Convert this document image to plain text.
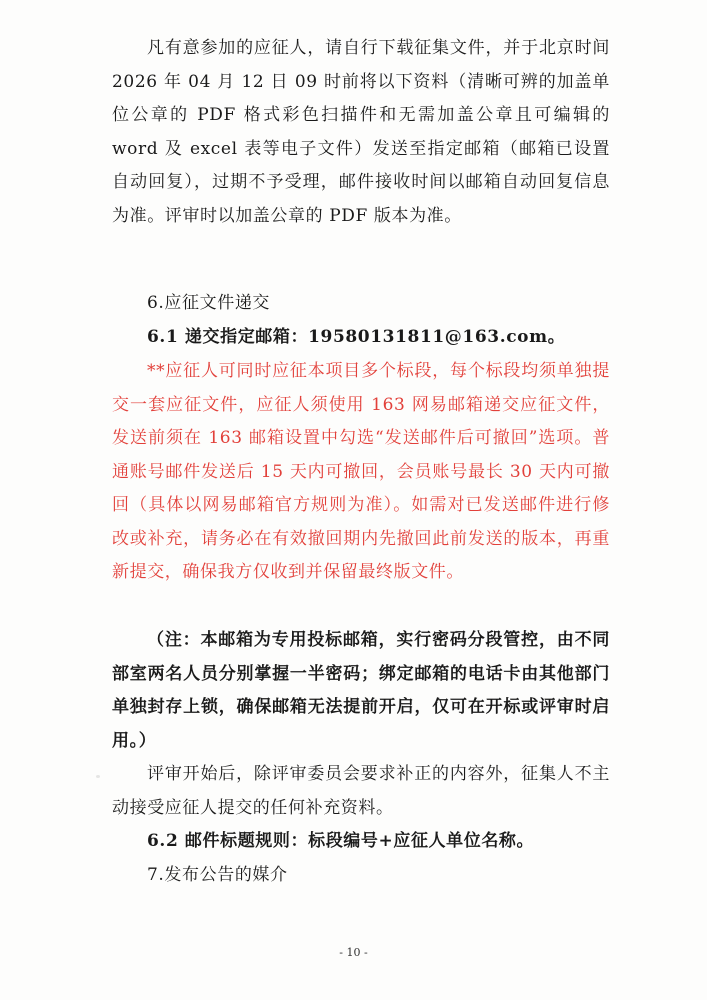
凡有意参加的应征人，请自行下载征集文件，并于北京时间 2026 年 04 月 12 日 09 时前将以下资料（清晰可辨的加盖单位公章的 PDF 格式彩色扫描件和无需加盖公章且可编辑的 word 及 excel 表等电子文件）发送至指定邮箱（邮箱已设置自动回复），过期不予受理，邮件接收时间以邮箱自动回复信息为准。评审时以加盖公章的 PDF 版本为准。
6.应征文件递交
6.1 递交指定邮箱：19580131811@163.com。
**应征人可同时应征本项目多个标段，每个标段均须单独提交一套应征文件，应征人须使用 163 网易邮箱递交应征文件，发送前须在 163 邮箱设置中勾选“发送邮件后可撤回”选项。普通账号邮件发送后 15 天内可撤回，会员账号最长 30 天内可撤回（具体以网易邮箱官方规则为准）。如需对已发送邮件进行修改或补充，请务必在有效撤回期内先撤回此前发送的版本，再重新提交，确保我方仅收到并保留最终版文件。
（注：本邮箱为专用投标邮箱，实行密码分段管控，由不同部室两名人员分别掌握一半密码；绑定邮箱的电话卡由其他部门单独封存上锁，确保邮箱无法提前开启，仅可在开标或评审时启用。）
评审开始后，除评审委员会要求补正的内容外，征集人不主动接受应征人提交的任何补充资料。
6.2 邮件标题规则：标段编号+应征人单位名称。
7.发布公告的媒介
- 10 -
